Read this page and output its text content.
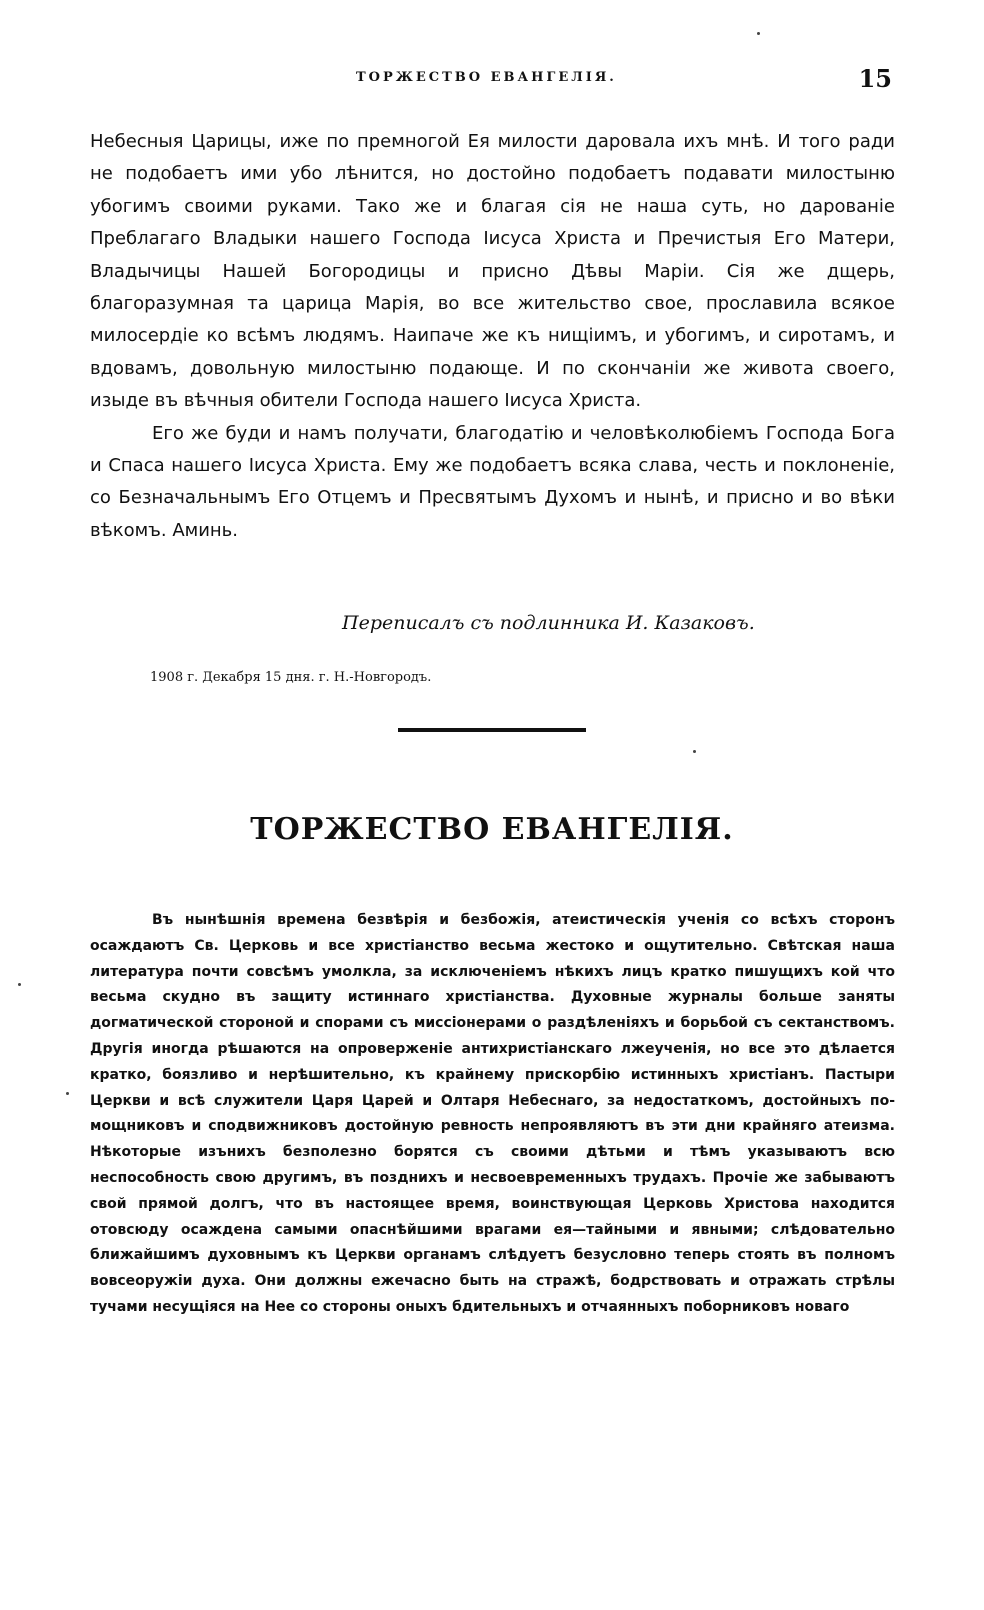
ТОРЖЕСТВО ЕВАНГЕЛІЯ.	15

Небесныя Царицы, иже по премногой Ея милости даровала ихъ мнѣ. И того ради не подобаетъ ими убо лѣнится, но достойно подобаетъ подавати милостыню убогимъ своими руками. Тако же и благая сія не наша суть, но дарованіе Преблагаго Владыки нашего Господа Іисуса Христа и Пречистыя Его Матери, Владычицы Нашей Богородицы и присно Дѣвы Маріи. Сія же дщерь, благоразумная та царица Марія, во все жительство свое, прославила всякое милосердіе ко всѣмъ людямъ. Наипаче же къ нищіимъ, и убогимъ, и сиротамъ, и вдовамъ, довольную милостыню подающе. И по скончаніи же живота своего, изыде въ вѣчныя обители Господа нашего Іисуса Христа.

Его же буди и намъ получати, благодатію и человѣколюбіемъ Господа Бога и Спаса нашего Іисуса Христа. Ему же подобаетъ всяка слава, честь и поклоненіе, со Безначальнымъ Его Отцемъ и Пресвятымъ Духомъ и нынѣ, и присно и во вѣки вѣкомъ. Аминь.

Переписалъ съ подлинника И. Казаковъ.
1908 г. Декабря 15 дня. г. Н.-Новгородъ.
ТОРЖЕСТВО ЕВАНГЕЛІЯ.

Въ нынѣшнія времена безвѣрія и безбожія, атеистическія ученія со всѣхъ сторонъ осаждаютъ Св. Церковь и все христіанство весьма жестоко и ощутительно. Свѣтская наша литература почти совсѣмъ умолкла, за исключеніемъ нѣкихъ лицъ кратко пишущихъ кой что весьма скудно въ защиту истиннаго христіанства. Духовные журналы больше заняты догматической стороной и спорами съ миссіонерами о раздѣленіяхъ и борьбой съ сектанствомъ. Другія иногда рѣшаются на опроверженіе антихристіанскаго лжеученія, но все это дѣлается кратко, боязливо и нерѣшительно, къ крайнему прискорбію истинныхъ христіанъ. Пастыри Церкви и всѣ служители Царя Царей и Олтаря Небеснаго, за недостаткомъ, достойныхъ помощниковъ и сподвижниковъ достойную ревность непроявляютъ въ эти дни крайняго атеизма. Нѣкоторые изънихъ безполезно борятся съ своими дѣтьми и тѣмъ указываютъ всю неспособность свою другимъ, въ позднихъ и несвоевременныхъ трудахъ. Прочіе же забываютъ свой прямой долгъ, что въ настоящее время, воинствующая Церковь Христова находится отовсюду осаждена самыми опаснѣйшими врагами ея—тайными и явными; слѣдовательно ближайшимъ духовнымъ къ Церкви органамъ слѣдуетъ безусловно теперь стоять въ полномъ вовсеоружіи духа. Они должны ежечасно быть на стражѣ, бодрствовать и отражать стрѣлы тучами несущіяся на Нее со стороны оныхъ бдительныхъ и отчаянныхъ поборниковъ новаго
